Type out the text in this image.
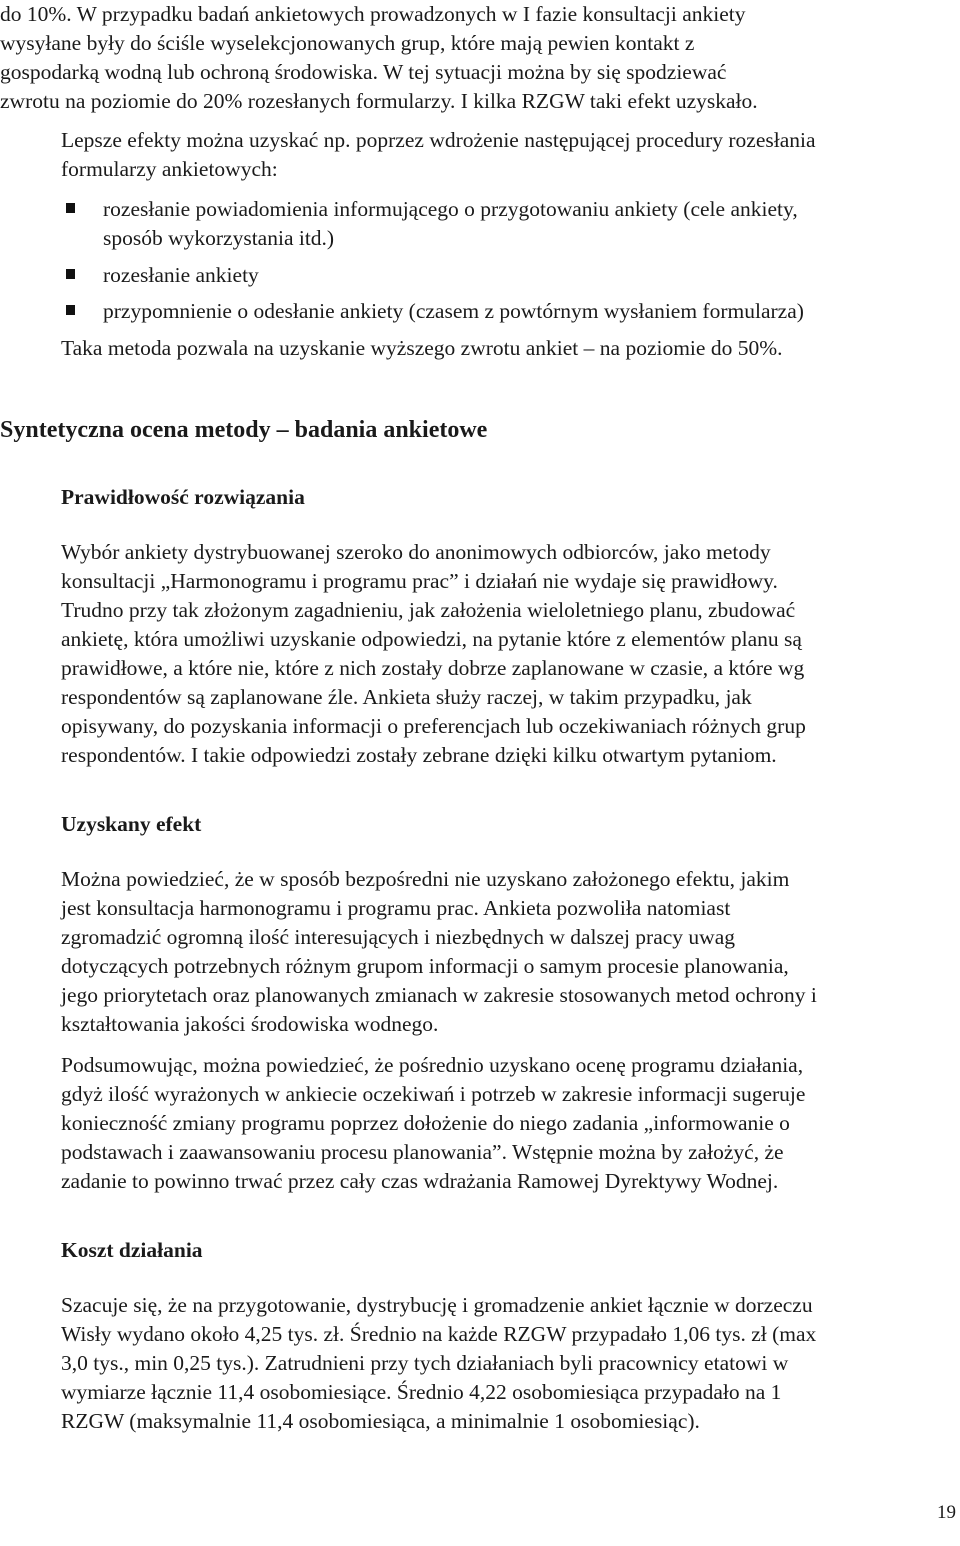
do 10%. W przypadku badań ankietowych prowadzonych w I fazie konsultacji ankiety
wysyłane były do ściśle wyselekcjonowanych grup, które mają pewien kontakt z
gospodarką wodną lub ochroną środowiska. W tej sytuacji można by się spodziewać
zwrotu na poziomie do 20% rozesłanych formularzy. I kilka RZGW taki efekt uzyskało.
Lepsze efekty można uzyskać np. poprzez wdrożenie następującej procedury rozesłania
formularzy ankietowych:
rozesłanie powiadomienia informującego o przygotowaniu ankiety (cele ankiety,
sposób wykorzystania itd.)
rozesłanie ankiety
przypomnienie o odesłanie ankiety (czasem z powtórnym wysłaniem formularza)
Taka metoda pozwala na uzyskanie wyższego zwrotu ankiet – na poziomie do 50%.
Syntetyczna ocena metody – badania ankietowe
Prawidłowość rozwiązania
Wybór ankiety dystrybuowanej szeroko do anonimowych odbiorców, jako metody
konsultacji „Harmonogramu i programu prac” i działań nie wydaje się prawidłowy.
Trudno przy tak złożonym zagadnieniu, jak założenia wieloletniego planu, zbudować
ankietę, która umożliwi uzyskanie odpowiedzi, na pytanie które z elementów planu są
prawidłowe, a które nie, które z nich zostały dobrze zaplanowane w czasie, a które wg
respondentów są zaplanowane źle. Ankieta służy raczej, w takim przypadku, jak
opisywany, do pozyskania informacji o preferencjach lub oczekiwaniach różnych grup
respondentów. I takie odpowiedzi zostały zebrane dzięki kilku otwartym pytaniom.
Uzyskany efekt
Można powiedzieć, że w sposób bezpośredni nie uzyskano założonego efektu, jakim
jest konsultacja harmonogramu i programu prac. Ankieta pozwoliła natomiast
zgromadzić ogromną ilość interesujących i niezbędnych w dalszej pracy uwag
dotyczących potrzebnych różnym grupom informacji o samym procesie planowania,
jego priorytetach oraz planowanych zmianach w zakresie stosowanych metod ochrony i
kształtowania jakości środowiska wodnego.
Podsumowując, można powiedzieć, że pośrednio uzyskano ocenę programu działania,
gdyż ilość wyrażonych w ankiecie oczekiwań i potrzeb w zakresie informacji sugeruje
konieczność zmiany programu poprzez dołożenie do niego zadania „informowanie o
podstawach i zaawansowaniu procesu planowania”. Wstępnie można by założyć, że
zadanie to powinno trwać przez cały czas wdrażania Ramowej Dyrektywy Wodnej.
Koszt działania
Szacuje się, że na przygotowanie, dystrybucję i gromadzenie ankiet łącznie w dorzeczu
Wisły wydano około 4,25 tys. zł. Średnio na każde RZGW przypadało 1,06 tys. zł (max
3,0 tys., min 0,25 tys.). Zatrudnieni przy tych działaniach byli pracownicy etatowi w
wymiarze łącznie 11,4 osobomiesiące. Średnio 4,22 osobomiesiąca przypadało na 1
RZGW (maksymalnie 11,4 osobomiesiąca, a minimalnie 1 osobomiesiąc).
19
